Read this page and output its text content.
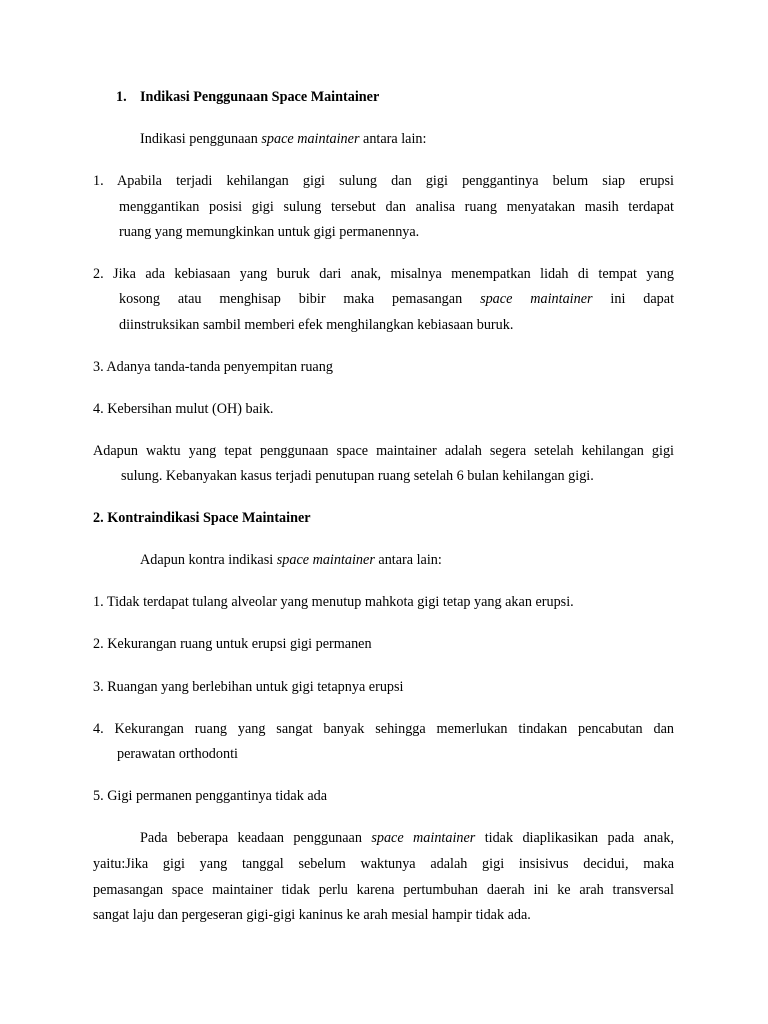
1. Indikasi Penggunaan Space Maintainer
Indikasi penggunaan space maintainer antara lain:
1. Apabila terjadi kehilangan gigi sulung dan gigi penggantinya belum siap erupsi
menggantikan posisi gigi sulung tersebut dan analisa ruang menyatakan masih terdapat
ruang yang memungkinkan untuk gigi permanennya.
2. Jika ada kebiasaan yang buruk dari anak, misalnya menempatkan lidah di tempat yang
kosong atau menghisap bibir maka pemasangan space maintainer ini dapat
diinstruksikan sambil memberi efek menghilangkan kebiasaan buruk.
3. Adanya tanda-tanda penyempitan ruang
4. Kebersihan mulut (OH) baik.
Adapun waktu yang tepat penggunaan space maintainer adalah segera setelah kehilangan gigi
sulung. Kebanyakan kasus terjadi penutupan ruang setelah 6 bulan kehilangan gigi.
2. Kontraindikasi Space Maintainer
Adapun kontra indikasi space maintainer antara lain:
1. Tidak terdapat tulang alveolar yang menutup mahkota gigi tetap yang akan erupsi.
2. Kekurangan ruang untuk erupsi gigi permanen
3. Ruangan yang berlebihan untuk gigi tetapnya erupsi
4. Kekurangan ruang yang sangat banyak sehingga memerlukan tindakan pencabutan dan
perawatan orthodonti
5. Gigi permanen penggantinya tidak ada
Pada beberapa keadaan penggunaan space maintainer tidak diaplikasikan pada anak,
yaitu:Jika gigi yang tanggal sebelum waktunya adalah gigi insisivus decidui, maka
pemasangan space maintainer tidak perlu karena pertumbuhan daerah ini ke arah transversal
sangat laju dan pergeseran gigi-gigi kaninus ke arah mesial hampir tidak ada.
